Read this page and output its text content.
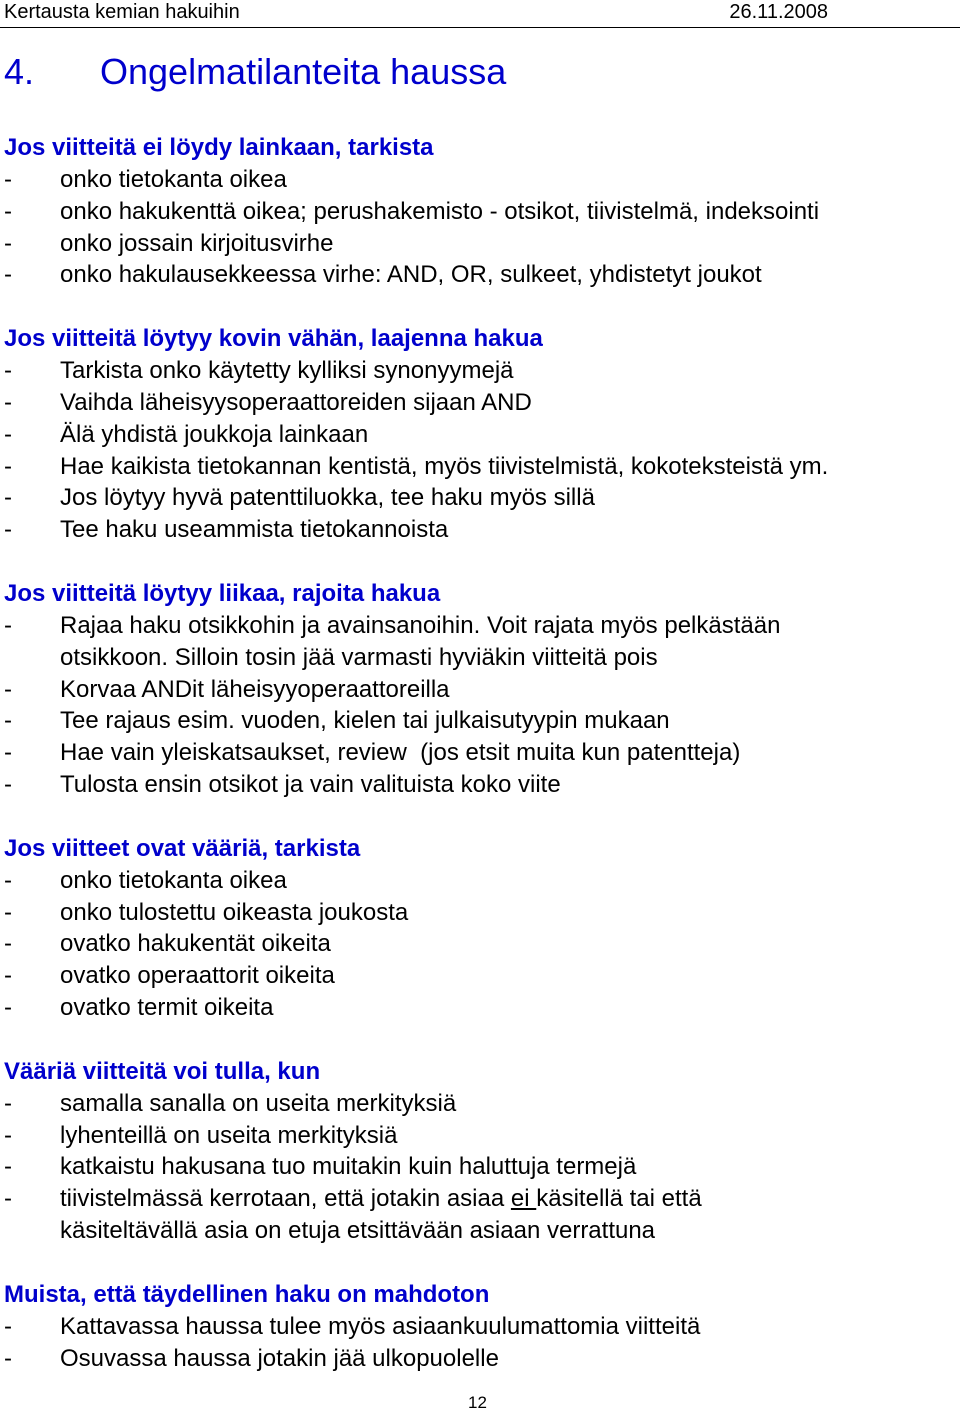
Kertausta kemian hakuihin	26.11.2008
4. Ongelmatilanteita haussa
Jos viitteitä ei löydy lainkaan, tarkista
- onko tietokanta oikea
- onko hakukenttä oikea; perushakemisto - otsikot, tiivistelmä, indeksointi
- onko jossain kirjoitusvirhe
- onko hakulausekkeessa virhe: AND, OR, sulkeet, yhdistetyt joukot
Jos viitteitä löytyy kovin vähän, laajenna hakua
- Tarkista onko käytetty kylliksi synonyymejä
- Vaihda läheisyysoperaattoreiden sijaan AND
- Älä yhdistä joukkoja lainkaan
- Hae kaikista tietokannan kentistä, myös tiivistelmistä, kokoteksteistä ym.
- Jos löytyy hyvä patenttiluokka, tee haku myös sillä
- Tee haku useammista tietokannoista
Jos viitteitä löytyy liikaa, rajoita hakua
- Rajaa haku otsikkohin ja avainsanoihin. Voit rajata myös pelkästään
otsikkoon. Silloin tosin jää varmasti hyviäkin viitteitä pois
- Korvaa ANDit läheisyyoperaattoreilla
- Tee rajaus esim. vuoden, kielen tai julkaisutyypin mukaan
- Hae vain yleiskatsaukset, review  (jos etsit muita kun patentteja)
- Tulosta ensin otsikot ja vain valituista koko viite
Jos viitteet ovat vääriä, tarkista
- onko tietokanta oikea
- onko tulostettu oikeasta joukosta
- ovatko hakukentät oikeita
- ovatko operaattorit oikeita
- ovatko termit oikeita
Vääriä viitteitä voi tulla, kun
- samalla sanalla on useita merkityksiä
- lyhenteillä on useita merkityksiä
- katkaistu hakusana tuo muitakin kuin haluttuja termejä
- tiivistelmässä kerrotaan, että jotakin asiaa ei käsitellä tai että
käsiteltävällä asia on etuja etsittävään asiaan verrattuna
Muista, että täydellinen haku on mahdoton
- Kattavassa haussa tulee myös asiaankuulumattomia viitteitä
- Osuvassa haussa jotakin jää ulkopuolelle
12
